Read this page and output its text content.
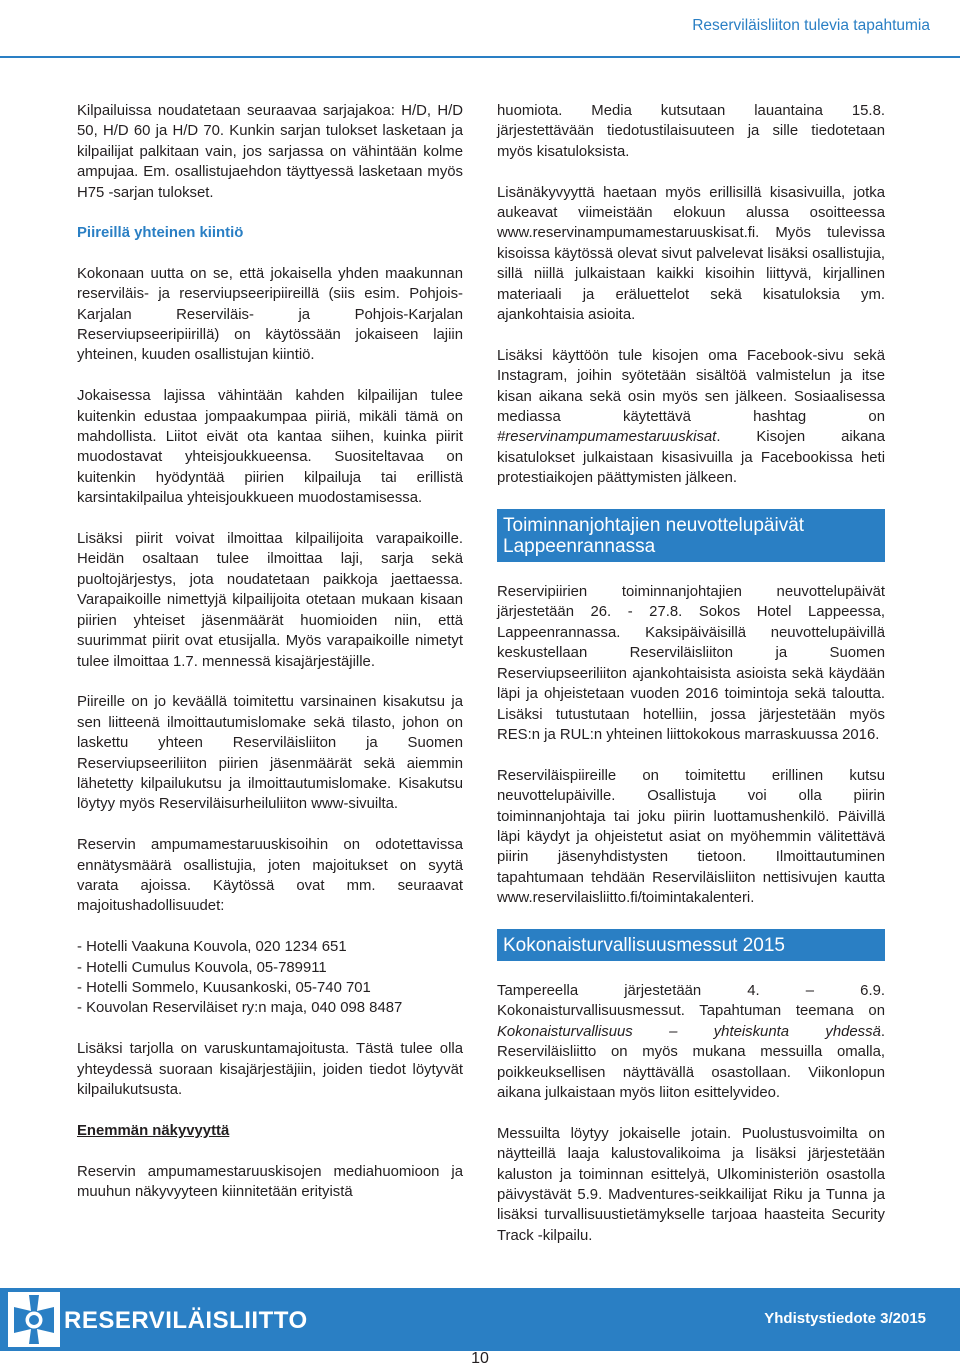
Reserviläisliiton tulevia tapahtumia

Kilpailuissa noudatetaan seuraavaa sarjajakoa: H/D, H/D 50, H/D 60 ja H/D 70. Kunkin sarjan tulokset lasketaan ja kilpailijat palkitaan vain, jos sarjassa on vähintään kolme ampujaa. Em. osallistujaehdon täyttyessä lasketaan myös H75 -sarjan tulokset.

Piireillä yhteinen kiintiö

Kokonaan uutta on se, että jokaisella yhden maakunnan reserviläis- ja reserviupseeripiireillä (siis esim. Pohjois-Karjalan Reserviläis- ja Pohjois-Karjalan Reserviupseeripiirillä) on käytössään jokaiseen lajiin yhteinen, kuuden osallistujan kiintiö.

Jokaisessa lajissa vähintään kahden kilpailijan tulee kuitenkin edustaa jompaakumpaa piiriä, mikäli tämä on mahdollista. Liitot eivät ota kantaa siihen, kuinka piirit muodostavat yhteisjoukkueensa. Suositeltavaa on kuitenkin hyödyntää piirien kilpailuja tai erillistä karsintakilpailua yhteisjoukkueen muodostamisessa.

Lisäksi piirit voivat ilmoittaa kilpailijoita varapaikoille. Heidän osaltaan tulee ilmoittaa laji, sarja sekä puoltojärjestys, jota noudatetaan paikkoja jaettaessa. Varapaikoille nimettyjä kilpailijoita otetaan mukaan kisaan piirien yhteiset jäsenmäärät huomioiden niin, että suurimmat piirit ovat etusijalla. Myös varapaikoille nimetyt tulee ilmoittaa 1.7. mennessä kisajärjestäjille.

Piireille on jo keväällä toimitettu varsinainen kisakutsu ja sen liitteenä ilmoittautumislomake sekä tilasto, johon on laskettu yhteen Reserviläisliiton ja Suomen Reserviupseeriliiton piirien jäsenmäärät sekä aiemmin lähetetty kilpailukutsu ja ilmoittautumislomake. Kisakutsu löytyy myös Reserviläisurheiluliiton www-sivuilta.

Reservin ampumamestaruuskisoihin on odotettavissa ennätysmäärä osallistujia, joten majoitukset on syytä varata ajoissa. Käytössä ovat mm. seuraavat majoitushadollisuudet:

- Hotelli Vaakuna Kouvola, 020 1234 651
- Hotelli Cumulus Kouvola, 05-789911
- Hotelli Sommelo, Kuusankoski, 05-740 701
- Kouvolan Reserviläiset ry:n maja, 040 098 8487

Lisäksi tarjolla on varuskuntamajoitusta. Tästä tulee olla yhteydessä suoraan kisajärjestäjiin, joiden tiedot löytyvät kilpailukutsusta.

Enemmän näkyvyyttä

Reservin ampumamestaruuskisojen mediahuomioon ja muuhun näkyvyyteen kiinnitetään erityistä

huomiota. Media kutsutaan lauantaina 15.8. järjestettävään tiedotustilaisuuteen ja sille tiedotetaan myös kisatuloksista.

Lisänäkyvyyttä haetaan myös erillisillä kisasivuilla, jotka aukeavat viimeistään elokuun alussa osoitteessa www.reservinampumamestaruuskisat.fi. Myös tulevissa kisoissa käytössä olevat sivut palvelevat lisäksi osallistujia, sillä niillä julkaistaan kaikki kisoihin liittyvä, kirjallinen materiaali ja eräluettelot sekä kisatuloksia ym. ajankohtaisia asioita.

Lisäksi käyttöön tule kisojen oma Facebook-sivu sekä Instagram, joihin syötetään sisältöä valmistelun ja itse kisan aikana sekä osin myös sen jälkeen. Sosiaalisessa mediassa käytettävä hashtag on #reservinampumamestaruuskisat. Kisojen aikana kisatulokset julkaistaan kisasivuilla ja Facebookissa heti protestiaikojen päättymisten jälkeen.

Toiminnanjohtajien neuvottelupäivät Lappeenrannassa

Reservipiirien toiminnanjohtajien neuvottelupäivät järjestetään 26. - 27.8. Sokos Hotel Lappeessa, Lappeenrannassa. Kaksipäiväisillä neuvottelupäivillä keskustellaan Reserviläisliiton ja Suomen Reserviupseeriliiton ajankohtaisista asioista sekä käydään läpi ja ohjeistetaan vuoden 2016 toimintoja sekä taloutta. Lisäksi tutustutaan hotelliin, jossa järjestetään myös RES:n ja RUL:n yhteinen liittokokous marraskuussa 2016.

Reserviläispiireille on toimitettu erillinen kutsu neuvottelupäiville. Osallistuja voi olla piirin toiminnanjohtaja tai joku piirin luottamushenkilö. Päivillä läpi käydyt ja ohjeistetut asiat on myöhemmin välitettävä piirin jäsenyhdistysten tietoon. Ilmoittautuminen tapahtumaan tehdään Reserviläisliiton nettisivujen kautta www.reservilaisliitto.fi/toimintakalenteri.

Kokonaisturvallisuusmessut 2015

Tampereella järjestetään 4. – 6.9. Kokonaisturvallisuusmessut. Tapahtuman teemana on Kokonaisturvallisuus – yhteiskunta yhdessä. Reserviläisliitto on myös mukana messuilla omalla, poikkeuksellisen näyttävällä osastollaan. Viikonlopun aikana julkaistaan myös liiton esittelyvideo.

Messuilta löytyy jokaiselle jotain. Puolustusvoimilta on näytteillä laaja kalustovalikoima ja lisäksi järjestetään kaluston ja toiminnan esittelyä, Ulkoministeriön osastolla päivystävät 5.9. Madventures-seikkailijat Riku ja Tunna ja lisäksi turvallisuustietämykselle tarjoaa haasteita Security Track -kilpailu.

RESERVILÄISLIITTO	Yhdistystiedote 3/2015
10
